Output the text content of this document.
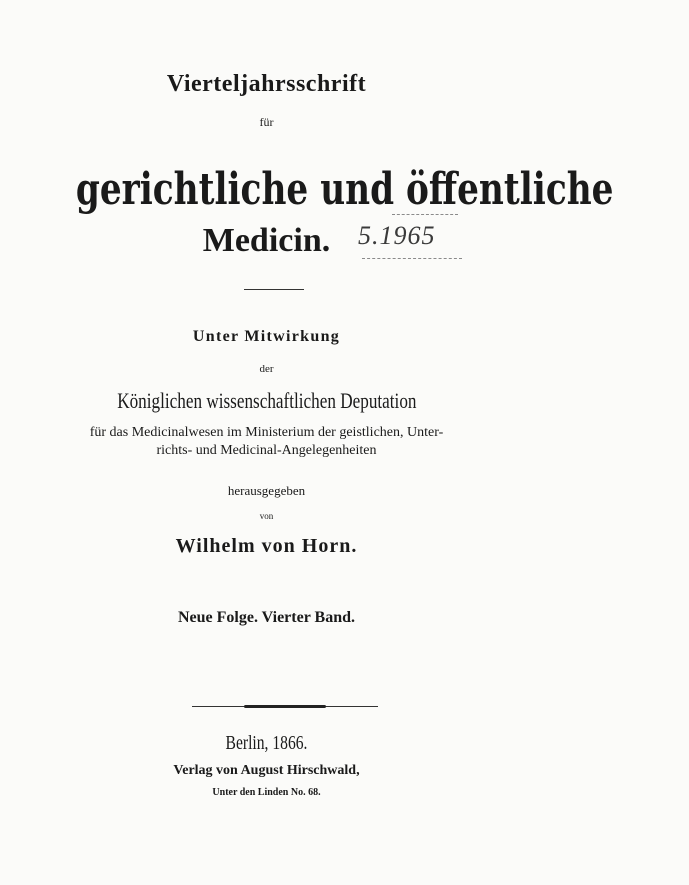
Vierteljahrsschrift
für
gerichtliche und öffentliche
Medicin.	5.1965
Unter Mitwirkung
der
Königlichen wissenschaftlichen Deputation
für das Medicinalwesen im Ministerium der geistlichen, Unter-
richts- und Medicinal-Angelegenheiten
herausgegeben
von
Wilhelm von Horn.
Neue Folge. Vierter Band.
Berlin, 1866.
Verlag von August Hirschwald,
Unter den Linden No. 68.
